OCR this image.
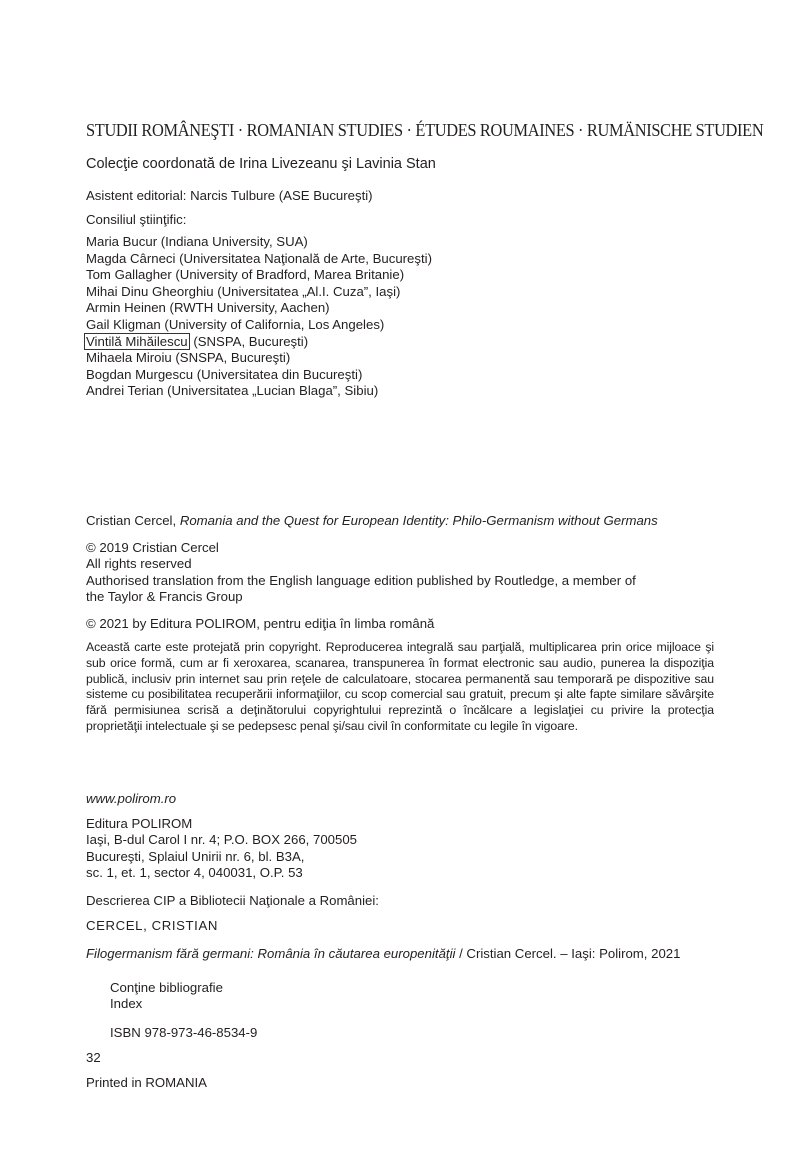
STUDII ROMÂNEŞTI · ROMANIAN STUDIES · ÉTUDES ROUMAINES · RUMÄNISCHE STUDIEN
Colecţie coordonată de Irina Livezeanu şi Lavinia Stan
Asistent editorial: Narcis Tulbure (ASE Bucureşti)
Consiliul ştiinţific:
Maria Bucur (Indiana University, SUA)
Magda Cârneci (Universitatea Naţională de Arte, Bucureşti)
Tom Gallagher (University of Bradford, Marea Britanie)
Mihai Dinu Gheorghiu (Universitatea „Al.I. Cuza”, Iaşi)
Armin Heinen (RWTH University, Aachen)
Gail Kligman (University of California, Los Angeles)
Vintilă Mihăilescu (SNSPA, Bucureşti)
Mihaela Miroiu (SNSPA, Bucureşti)
Bogdan Murgescu (Universitatea din Bucureşti)
Andrei Terian (Universitatea „Lucian Blaga”, Sibiu)
Cristian Cercel, Romania and the Quest for European Identity: Philo-Germanism without Germans
© 2019 Cristian Cercel
All rights reserved
Authorised translation from the English language edition published by Routledge, a member of
the Taylor & Francis Group
© 2021 by Editura POLIROM, pentru ediţia în limba română
Această carte este protejată prin copyright. Reproducerea integrală sau parţială, multiplicarea prin orice mijloace şi sub orice formă, cum ar fi xeroxarea, scanarea, transpunerea în format electronic sau audio, punerea la dispoziţia publică, inclusiv prin internet sau prin reţele de calculatoare, stocarea permanentă sau temporară pe dispozitive sau sisteme cu posibilitatea recuperării informaţiilor, cu scop comercial sau gratuit, precum şi alte fapte similare săvârşite fără permisiunea scrisă a deţinătorului copyrightului reprezintă o încălcare a legislaţiei cu privire la protecţia proprietăţii intelectuale şi se pedepsesc penal şi/sau civil în conformitate cu legile în vigoare.
www.polirom.ro
Editura POLIROM
Iaşi, B-dul Carol I nr. 4; P.O. BOX 266, 700505
Bucureşti, Splaiul Unirii nr. 6, bl. B3A,
sc. 1, et. 1, sector 4, 040031, O.P. 53
Descrierea CIP a Bibliotecii Naţionale a României:
CERCEL, CRISTIAN
Filogermanism fără germani: România în căutarea europenităţii / Cristian Cercel. – Iaşi: Polirom, 2021
Conţine bibliografie
Index
ISBN 978-973-46-8534-9
32
Printed in ROMANIA
